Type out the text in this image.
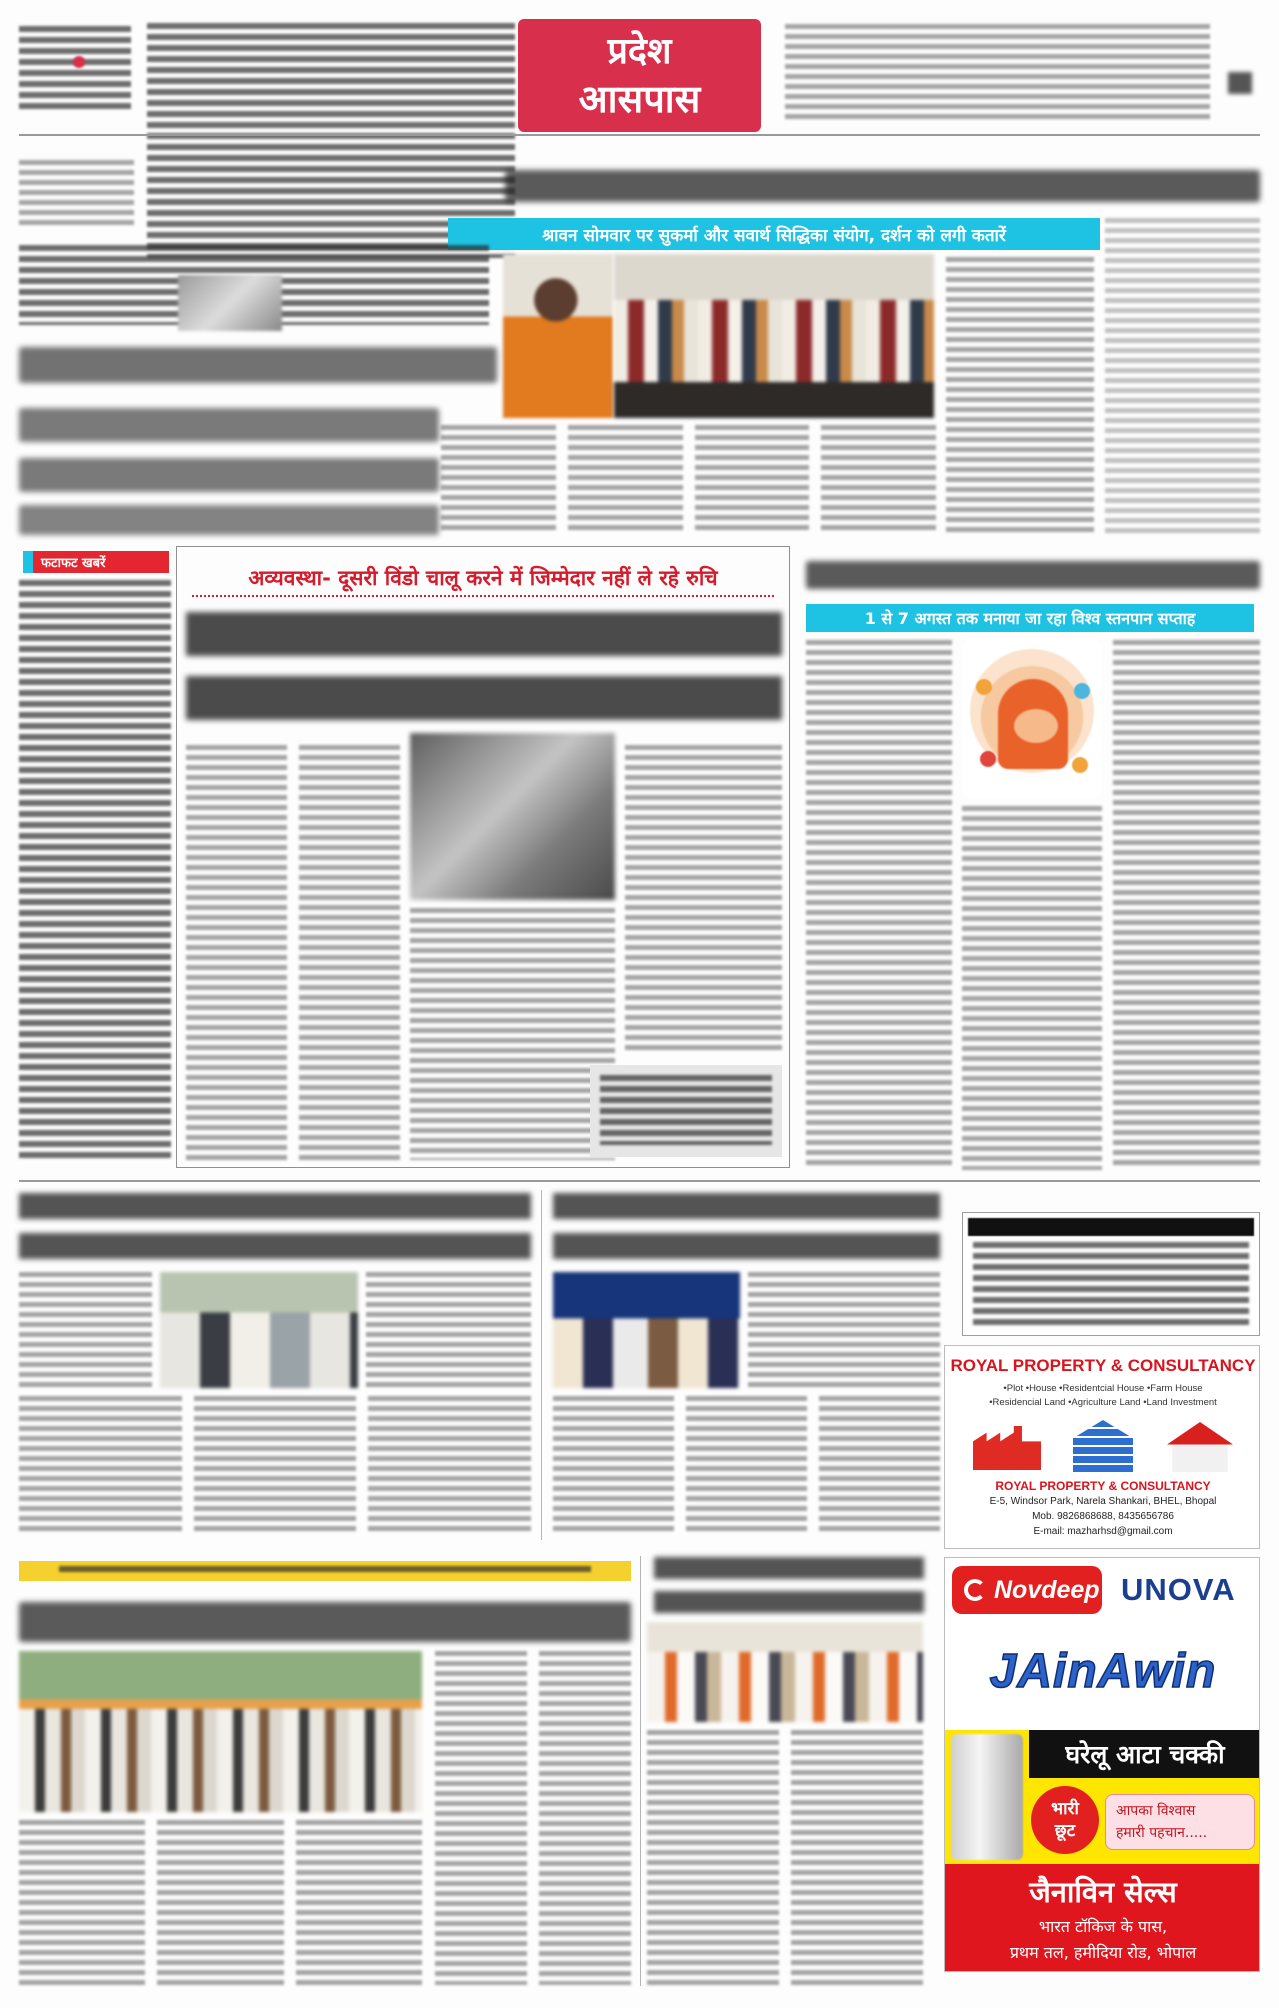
प्रदेश
आसपास
श्रावन सोमवार पर सुकर्मा और सवार्थ सिद्धिका संयोग, दर्शन को लगी कतारें
फटाफट खबरें
अव्यवस्था- दूसरी विंडो चालू करने में जिम्मेदार नहीं ले रहे रुचि
1 से 7 अगस्त तक मनाया जा रहा विश्व स्तनपान सप्ताह
ROYAL PROPERTY & CONSULTANCY
•Plot •House •Residentcial House •Farm House
•Residencial Land •Agriculture Land •Land Investment
ROYAL PROPERTY & CONSULTANCY
E-5, Windsor Park, Narela Shankari, BHEL, Bhopal
Mob. 9826868688, 8435656786
E-mail: mazharhsd@gmail.com
Novdeep UNOVA
JAinAwin
घरेलू आटा चक्की
भारी
छूट
आपका विश्वास
हमारी पहचान.....
जैनाविन सेल्स
भारत टॉकिज के पास,
प्रथम तल, हमीदिया रोड, भोपाल
